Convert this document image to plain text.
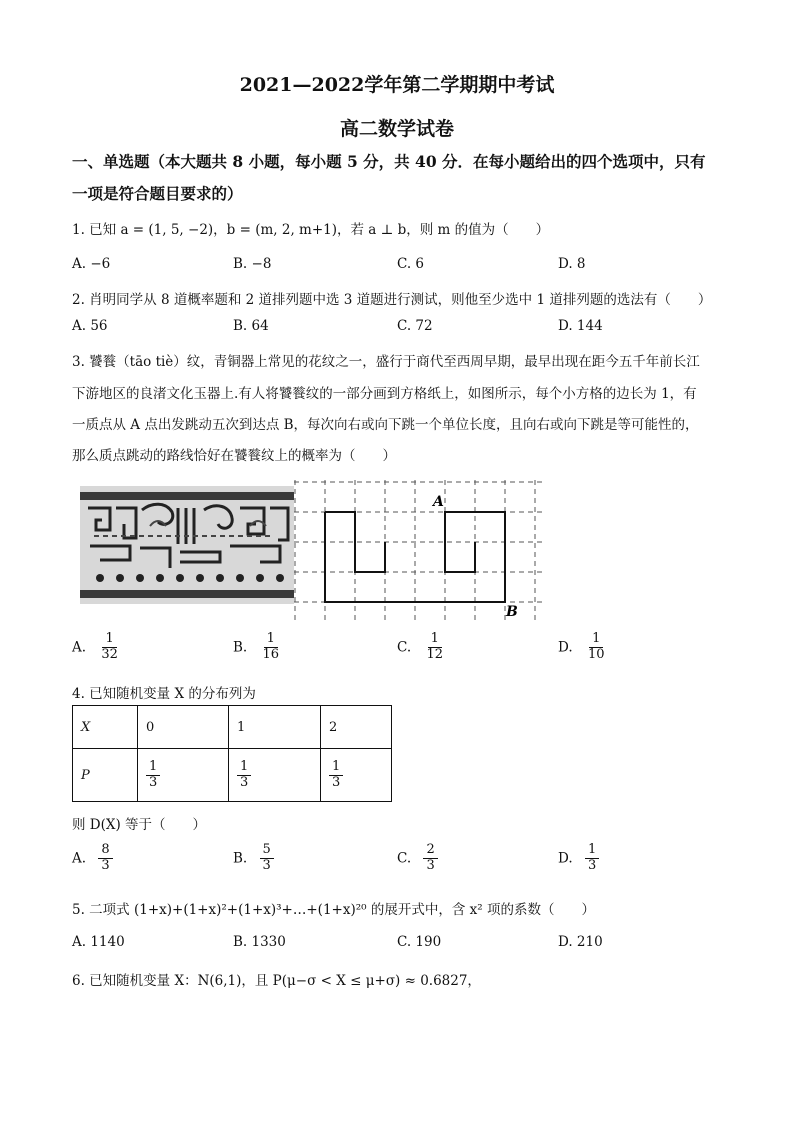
2021—2022学年第二学期期中考试
高二数学试卷
一、单选题（本大题共 8 小题，每小题 5 分，共 40 分．在每小题给出的四个选项中，只有
一项是符合题目要求的）
1. 已知 a = (1, 5, −2)，b = (m, 2, m+1)，若 a ⊥ b，则 m 的值为（　　）
A. −6	B. −8	C. 6	D. 8
2. 肖明同学从 8 道概率题和 2 道排列题中选 3 道题进行测试，则他至少选中 1 道排列题的选法有（　　）
A. 56	B. 64	C. 72	D. 144
3. 饕餮（tāo tiè）纹，青铜器上常见的花纹之一，盛行于商代至西周早期，最早出现在距今五千年前长江
下游地区的良渚文化玉器上.有人将饕餮纹的一部分画到方格纸上，如图所示，每个小方格的边长为 1，有
一质点从 A 点出发跳动五次到达点 B，每次向右或向下跳一个单位长度，且向右或向下跳是等可能性的，
那么质点跳动的路线恰好在饕餮纹上的概率为（　　）
A
B
A. $\frac{1}{32}$	B. $\frac{1}{16}$	C. $\frac{1}{12}$	D. $\frac{1}{10}$
4. 已知随机变量 X 的分布列为
X	0	1	2
P	$\frac{1}{3}$	$\frac{1}{3}$	$\frac{1}{3}$
则 D(X) 等于（　　）
A. $\frac{8}{3}$	B. $\frac{5}{3}$	C. $\frac{2}{3}$	D. $\frac{1}{3}$
5. 二项式 (1+x)+(1+x)²+(1+x)³+…+(1+x)²⁰ 的展开式中，含 x² 项的系数（　　）
A. 1140	B. 1330	C. 190	D. 210
6. 已知随机变量 X：N(6,1)，且 P(μ−σ < X ≤ μ+σ) ≈ 0.6827，
